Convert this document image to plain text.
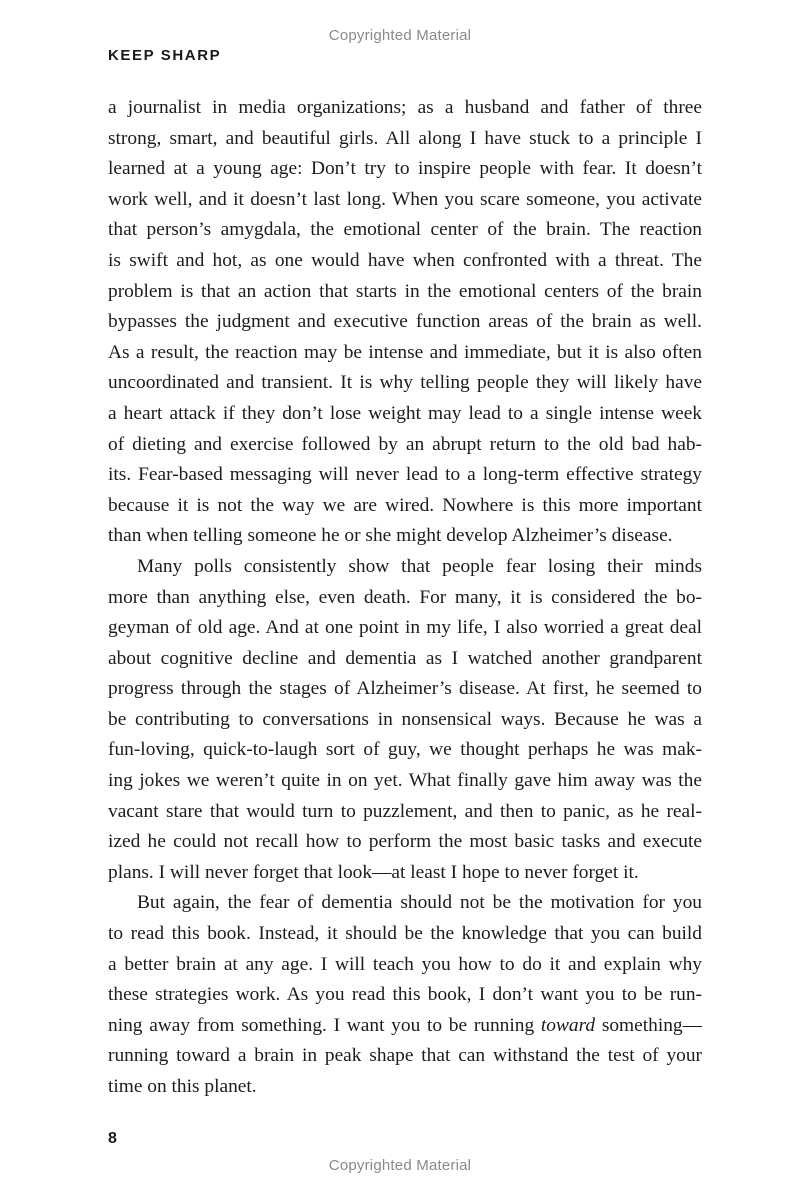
Copyrighted Material
KEEP SHARP

a journalist in media organizations; as a husband and father of three
strong, smart, and beautiful girls. All along I have stuck to a principle I
learned at a young age: Don’t try to inspire people with fear. It doesn’t
work well, and it doesn’t last long. When you scare someone, you activate
that person’s amygdala, the emotional center of the brain. The reaction
is swift and hot, as one would have when confronted with a threat. The
problem is that an action that starts in the emotional centers of the brain
bypasses the judgment and executive function areas of the brain as well.
As a result, the reaction may be intense and immediate, but it is also often
uncoordinated and transient. It is why telling people they will likely have
a heart attack if they don’t lose weight may lead to a single intense week
of dieting and exercise followed by an abrupt return to the old bad hab-
its. Fear-based messaging will never lead to a long-term effective strategy
because it is not the way we are wired. Nowhere is this more important
than when telling someone he or she might develop Alzheimer’s disease.

Many polls consistently show that people fear losing their minds
more than anything else, even death. For many, it is considered the bo-
geyman of old age. And at one point in my life, I also worried a great deal
about cognitive decline and dementia as I watched another grandparent
progress through the stages of Alzheimer’s disease. At first, he seemed to
be contributing to conversations in nonsensical ways. Because he was a
fun-loving, quick-to-laugh sort of guy, we thought perhaps he was mak-
ing jokes we weren’t quite in on yet. What finally gave him away was the
vacant stare that would turn to puzzlement, and then to panic, as he real-
ized he could not recall how to perform the most basic tasks and execute
plans. I will never forget that look—at least I hope to never forget it.

But again, the fear of dementia should not be the motivation for you
to read this book. Instead, it should be the knowledge that you can build
a better brain at any age. I will teach you how to do it and explain why
these strategies work. As you read this book, I don’t want you to be run-
ning away from something. I want you to be running toward something—
running toward a brain in peak shape that can withstand the test of your
time on this planet.

8
Copyrighted Material
